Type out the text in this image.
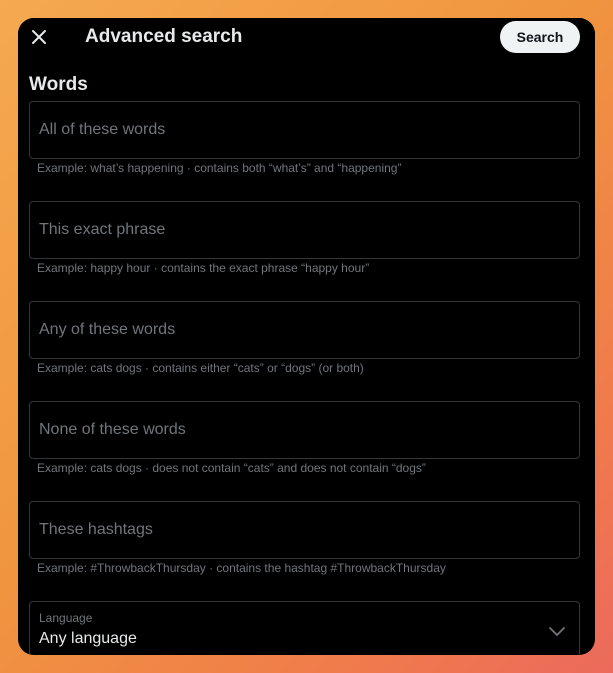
Words
Advanced search	Search
All of these words
Example: what’s happening · contains both “what’s” and “happening”
This exact phrase
Example: happy hour · contains the exact phrase “happy hour”
Any of these words
Example: cats dogs · contains either “cats” or “dogs” (or both)
None of these words
Example: cats dogs · does not contain “cats” and does not contain “dogs”
These hashtags
Example: #ThrowbackThursday · contains the hashtag #ThrowbackThursday
Language
Any language
